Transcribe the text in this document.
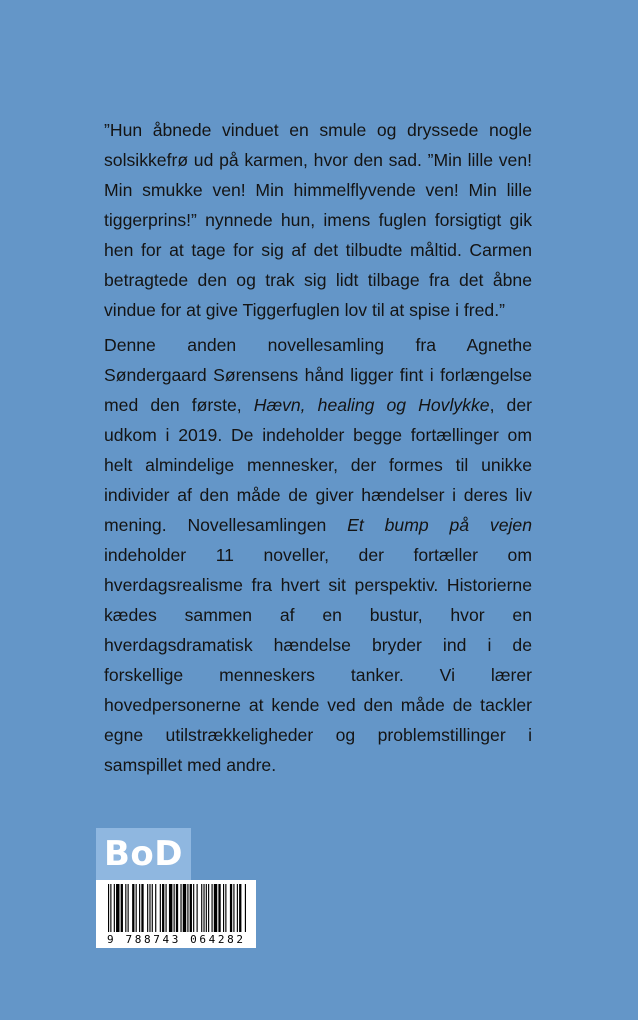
”Hun åbnede vinduet en smule og dryssede nogle solsikkefrø ud på karmen, hvor den sad. ”Min lille ven! Min smukke ven! Min himmelflyvende ven! Min lille tiggerprins!” nynnede hun, imens fuglen forsigtigt gik hen for at tage for sig af det tilbudte måltid. Carmen betragtede den og trak sig lidt tilbage fra det åbne vindue for at give Tiggerfuglen lov til at spise i fred.”

Denne anden novellesamling fra Agnethe Søndergaard Sørensens hånd ligger fint i forlængelse med den første, Hævn, healing og Hovlykke, der udkom i 2019. De indeholder begge fortællinger om helt almindelige mennesker, der formes til unikke individer af den måde de giver hændelser i deres liv mening. Novellesamlingen Et bump på vejen indeholder 11 noveller, der fortæller om hverdagsrealisme fra hvert sit perspektiv. Historierne kædes sammen af en bustur, hvor en hverdagsdramatisk hændelse bryder ind i de forskellige menneskers tanker. Vi lærer hovedpersonerne at kende ved den måde de tackler egne utilstrækkeligheder og problemstillinger i samspillet med andre.

BoD
9 788743 064282
